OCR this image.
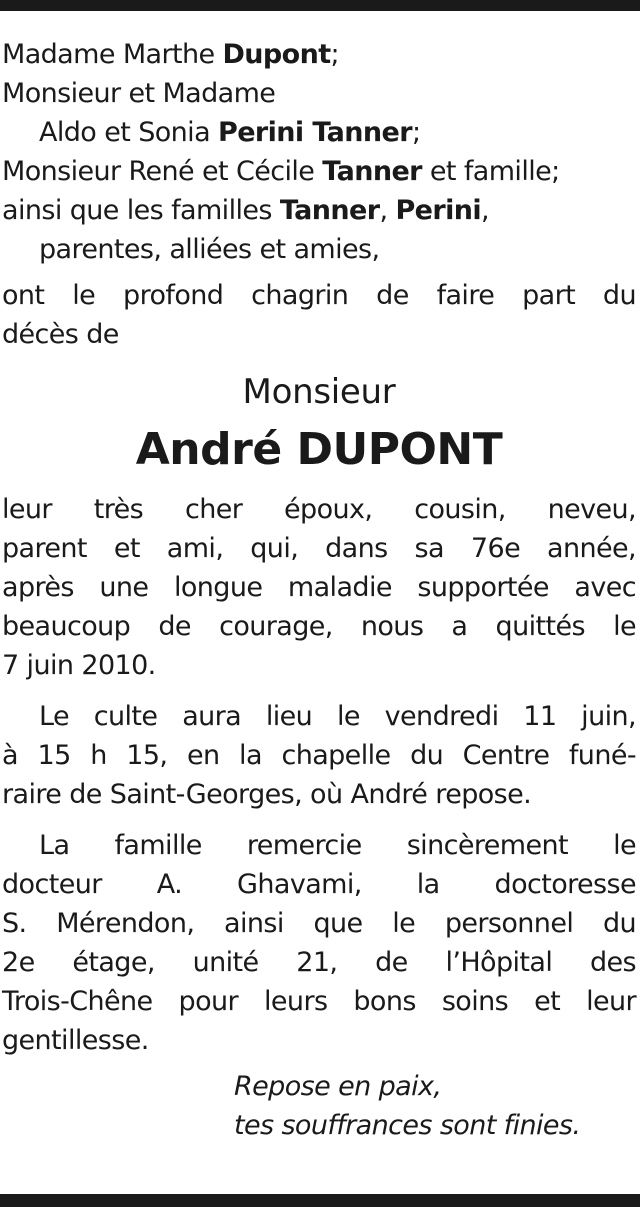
Madame Marthe Dupont;
Monsieur et Madame
Aldo et Sonia Perini Tanner;
Monsieur René et Cécile Tanner et famille;
ainsi que les familles Tanner, Perini,
parentes, alliées et amies,
ont le profond chagrin de faire part du
décès de
Monsieur
André DUPONT
leur très cher époux, cousin, neveu,
parent et ami, qui, dans sa 76e année,
après une longue maladie supportée avec
beaucoup de courage, nous a quittés le
7 juin 2010.
Le culte aura lieu le vendredi 11 juin,
à 15 h 15, en la chapelle du Centre funé-
raire de Saint-Georges, où André repose.
La famille remercie sincèrement le
docteur A. Ghavami, la doctoresse
S. Mérendon, ainsi que le personnel du
2e étage, unité 21, de l’Hôpital des
Trois-Chêne pour leurs bons soins et leur
gentillesse.
Repose en paix,
tes souffrances sont finies.
